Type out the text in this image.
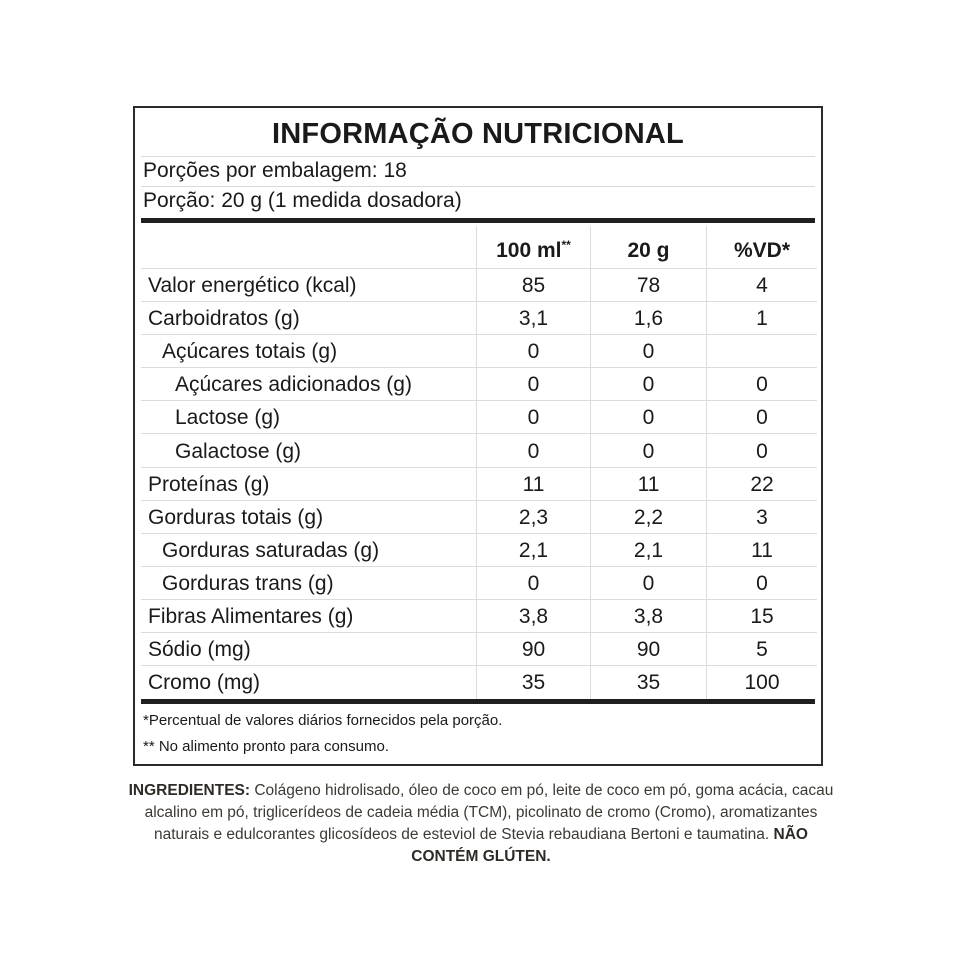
INFORMAÇÃO NUTRICIONAL
Porções por embalagem: 18
Porção: 20 g (1 medida dosadora)
100 ml**	20 g	%VD*
Valor energético (kcal)	85	78	4
Carboidratos (g)	3,1	1,6	1
Açúcares totais (g)	0	0
Açúcares adicionados (g)	0	0	0
Lactose (g)	0	0	0
Galactose (g)	0	0	0
Proteínas (g)	11	11	22
Gorduras totais (g)	2,3	2,2	3
Gorduras saturadas (g)	2,1	2,1	11
Gorduras trans (g)	0	0	0
Fibras Alimentares (g)	3,8	3,8	15
Sódio (mg)	90	90	5
Cromo (mg)	35	35	100
*Percentual de valores diários fornecidos pela porção.
** No alimento pronto para consumo.
INGREDIENTES: Colágeno hidrolisado, óleo de coco em pó, leite de coco em pó, goma acácia, cacau alcalino em pó, triglicerídeos de cadeia média (TCM), picolinato de cromo (Cromo), aromatizantes naturais e edulcorantes glicosídeos de esteviol de Stevia rebaudiana Bertoni e taumatina. NÃO CONTÉM GLÚTEN.
